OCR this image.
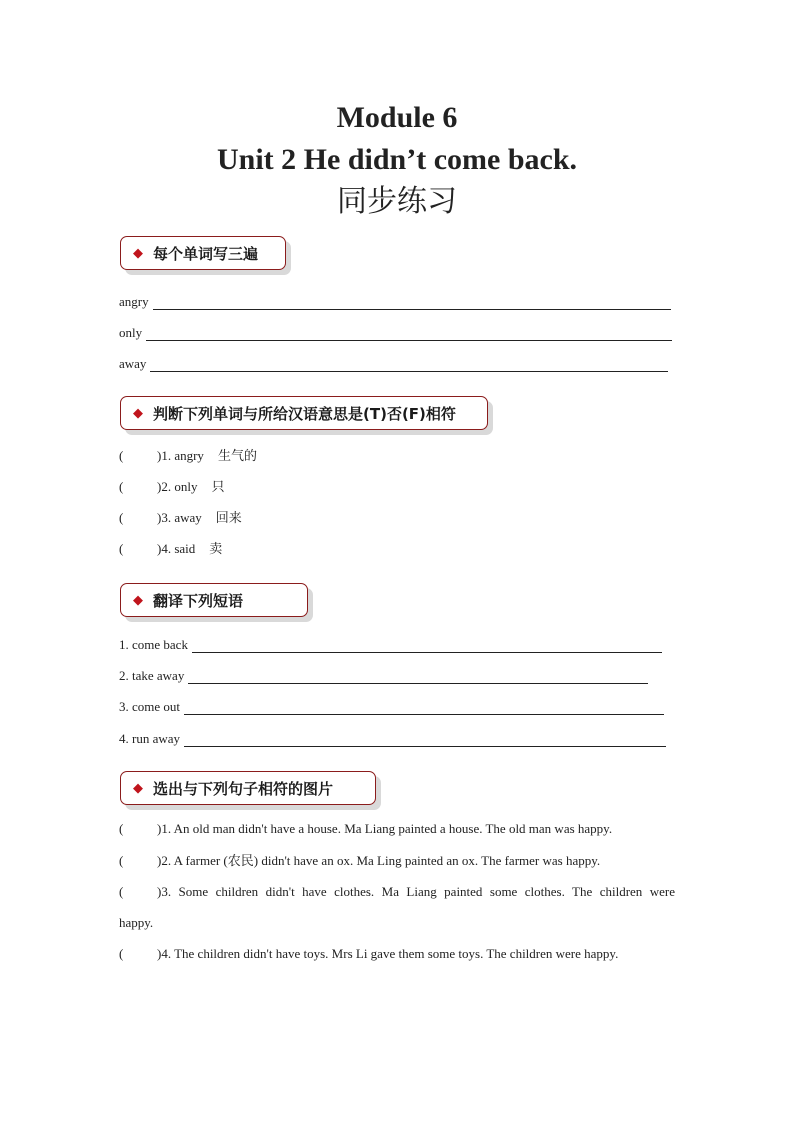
Module 6
Unit 2 He didn’t come back.
同步练习
◆ 每个单词写三遍
angry
only
away
◆ 判断下列单词与所给汉语意思是(T)否(F)相符
(	)1. angry 生气的
(	)2. only 只
(	)3. away 回来
(	)4. said 卖
◆ 翻译下列短语
1. come back
2. take away
3. come out
4. run away
◆ 选出与下列句子相符的图片
(	)1. An old man didn't have a house. Ma Liang painted a house. The old man was happy.
(	)2. A farmer (农民) didn't have an ox. Ma Ling painted an ox. The farmer was happy.
(	)3. Some children didn't have clothes. Ma Liang painted some clothes. The children were
happy.
(	)4. The children didn't have toys. Mrs Li gave them some toys. The children were happy.
